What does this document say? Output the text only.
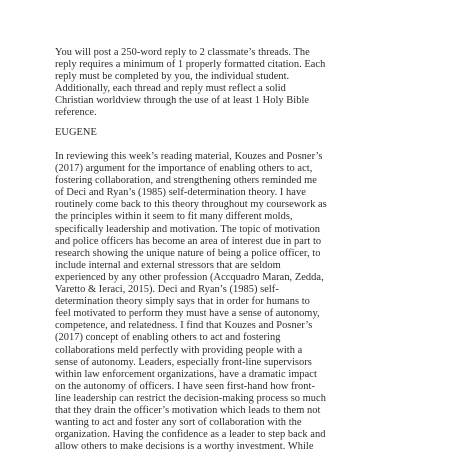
You will post a 250-word reply to 2 classmate’s threads. The
reply requires a minimum of 1 properly formatted citation. Each
reply must be completed by you, the individual student.
Additionally, each thread and reply must reflect a solid
Christian worldview through the use of at least 1 Holy Bible
reference.
EUGENE
In reviewing this week’s reading material, Kouzes and Posner’s
(2017) argument for the importance of enabling others to act,
fostering collaboration, and strengthening others reminded me
of Deci and Ryan’s (1985) self-determination theory. I have
routinely come back to this theory throughout my coursework as
the principles within it seem to fit many different molds,
specifically leadership and motivation. The topic of motivation
and police officers has become an area of interest due in part to
research showing the unique nature of being a police officer, to
include internal and external stressors that are seldom
experienced by any other profession (Accquadro Maran, Zedda,
Varetto & Ieraci, 2015). Deci and Ryan’s (1985) self-
determination theory simply says that in order for humans to
feel motivated to perform they must have a sense of autonomy,
competence, and relatedness. I find that Kouzes and Posner’s
(2017) concept of enabling others to act and fostering
collaborations meld perfectly with providing people with a
sense of autonomy. Leaders, especially front-line supervisors
within law enforcement organizations, have a dramatic impact
on the autonomy of officers. I have seen first-hand how front-
line leadership can restrict the decision-making process so much
that they drain the officer’s motivation which leads to them not
wanting to act and foster any sort of collaboration with the
organization. Having the confidence as a leader to step back and
allow others to make decisions is a worthy investment. While
